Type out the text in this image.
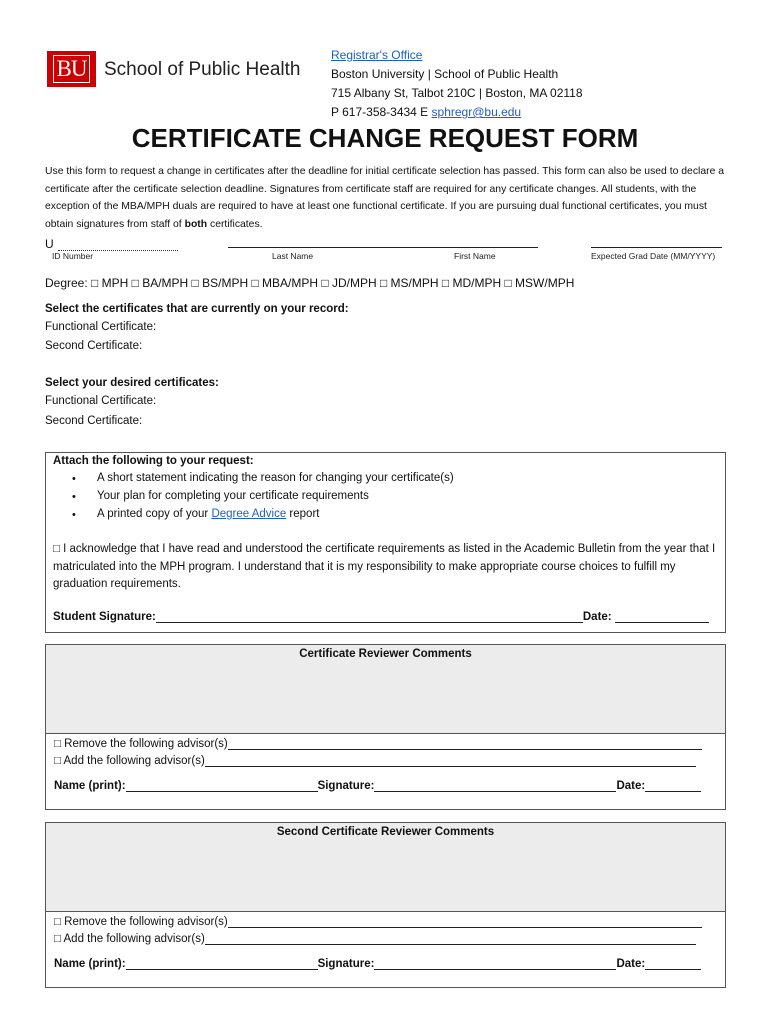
BU School of Public Health
Registrar's Office
Boston University | School of Public Health
715 Albany St, Talbot 210C | Boston, MA 02118
P 617-358-3434 E sphregr@bu.edu
CERTIFICATE CHANGE REQUEST FORM
Use this form to request a change in certificates after the deadline for initial certificate selection has passed. This form can also be used to declare a certificate after the certificate selection deadline. Signatures from certificate staff are required for any certificate changes. All students, with the exception of the MBA/MPH duals are required to have at least one functional certificate. If you are pursuing dual functional certificates, you must obtain signatures from staff of both certificates.
U
ID Number	Last Name	First Name	Expected Grad Date (MM/YYYY)
Degree: □ MPH □ BA/MPH □ BS/MPH □ MBA/MPH □ JD/MPH □ MS/MPH □ MD/MPH □ MSW/MPH
Select the certificates that are currently on your record:
Functional Certificate:
Second Certificate:
Select your desired certificates:
Functional Certificate:
Second Certificate:
Attach the following to your request:
• A short statement indicating the reason for changing your certificate(s)
• Your plan for completing your certificate requirements
• A printed copy of your Degree Advice report
□ I acknowledge that I have read and understood the certificate requirements as listed in the Academic Bulletin from the year that I matriculated into the MPH program. I understand that it is my responsibility to make appropriate course choices to fulfill my graduation requirements.
Student Signature:	Date:
Certificate Reviewer Comments
□ Remove the following advisor(s)
□ Add the following advisor(s)
Name (print):	Signature:	Date:
Second Certificate Reviewer Comments
□ Remove the following advisor(s)
□ Add the following advisor(s)
Name (print):	Signature:	Date:
